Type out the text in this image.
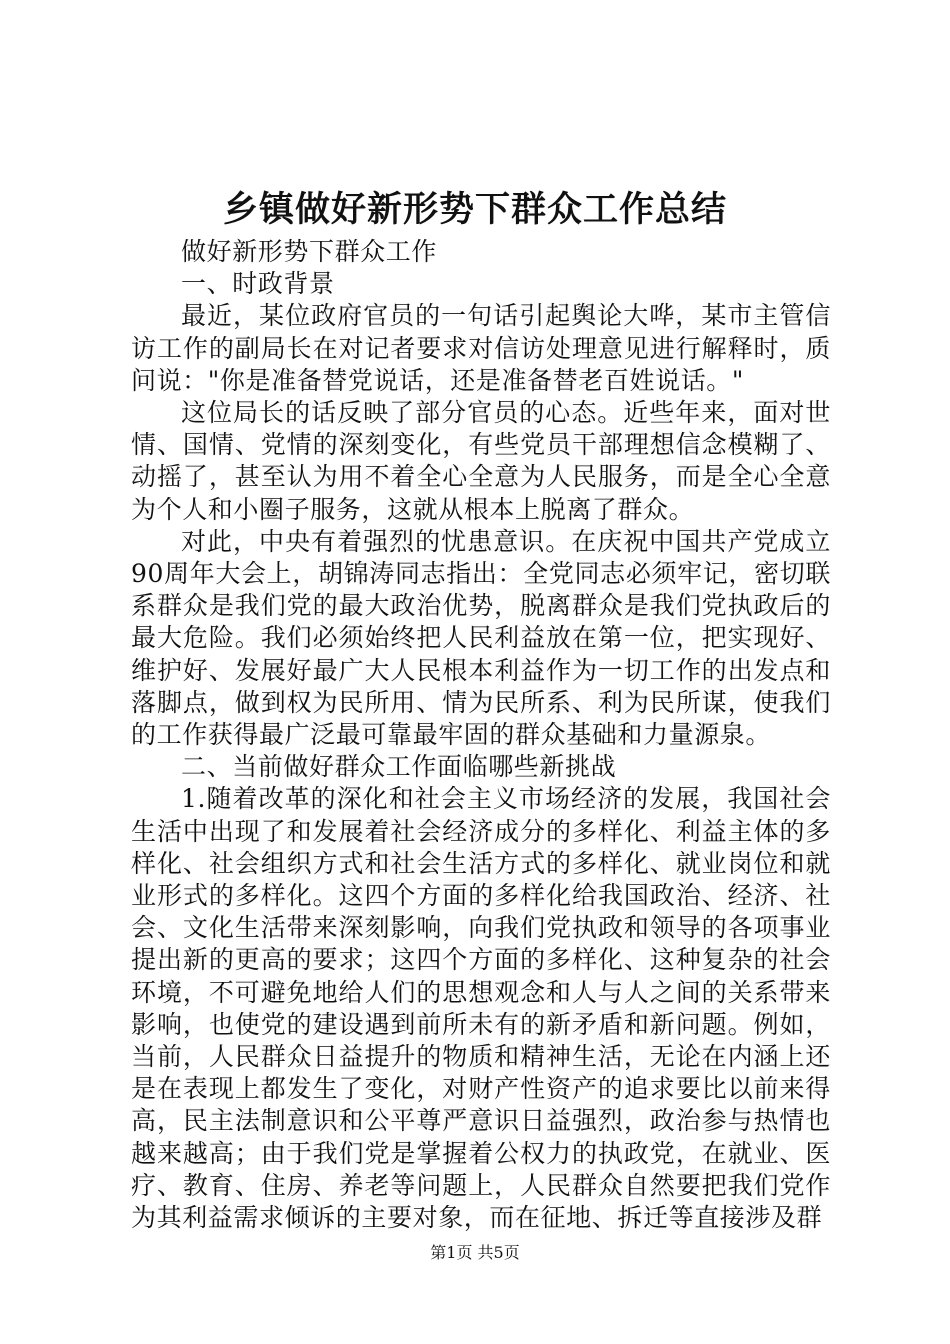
乡镇做好新形势下群众工作总结

做好新形势下群众工作

一、时政背景

最近，某位政府官员的一句话引起舆论大哗，某市主管信访工作的副局长在对记者要求对信访处理意见进行解释时，质问说："你是准备替党说话，还是准备替老百姓说话。"

这位局长的话反映了部分官员的心态。近些年来，面对世情、国情、党情的深刻变化，有些党员干部理想信念模糊了、动摇了，甚至认为用不着全心全意为人民服务，而是全心全意为个人和小圈子服务，这就从根本上脱离了群众。

对此，中央有着强烈的忧患意识。在庆祝中国共产党成立90周年大会上，胡锦涛同志指出：全党同志必须牢记，密切联系群众是我们党的最大政治优势，脱离群众是我们党执政后的最大危险。我们必须始终把人民利益放在第一位，把实现好、维护好、发展好最广大人民根本利益作为一切工作的出发点和落脚点，做到权为民所用、情为民所系、利为民所谋，使我们的工作获得最广泛最可靠最牢固的群众基础和力量源泉。

二、当前做好群众工作面临哪些新挑战

1.随着改革的深化和社会主义市场经济的发展，我国社会生活中出现了和发展着社会经济成分的多样化、利益主体的多样化、社会组织方式和社会生活方式的多样化、就业岗位和就业形式的多样化。这四个方面的多样化给我国政治、经济、社会、文化生活带来深刻影响，向我们党执政和领导的各项事业提出新的更高的要求；这四个方面的多样化、这种复杂的社会环境，不可避免地给人们的思想观念和人与人之间的关系带来影响，也使党的建设遇到前所未有的新矛盾和新问题。例如，当前，人民群众日益提升的物质和精神生活，无论在内涵上还是在表现上都发生了变化，对财产性资产的追求要比以前来得高，民主法制意识和公平尊严意识日益强烈，政治参与热情也越来越高；由于我们党是掌握着公权力的执政党，在就业、医疗、教育、住房、养老等问题上，人民群众自然要把我们党作为其利益需求倾诉的主要对象，而在征地、拆迁等直接涉及群

第1页 共5页
